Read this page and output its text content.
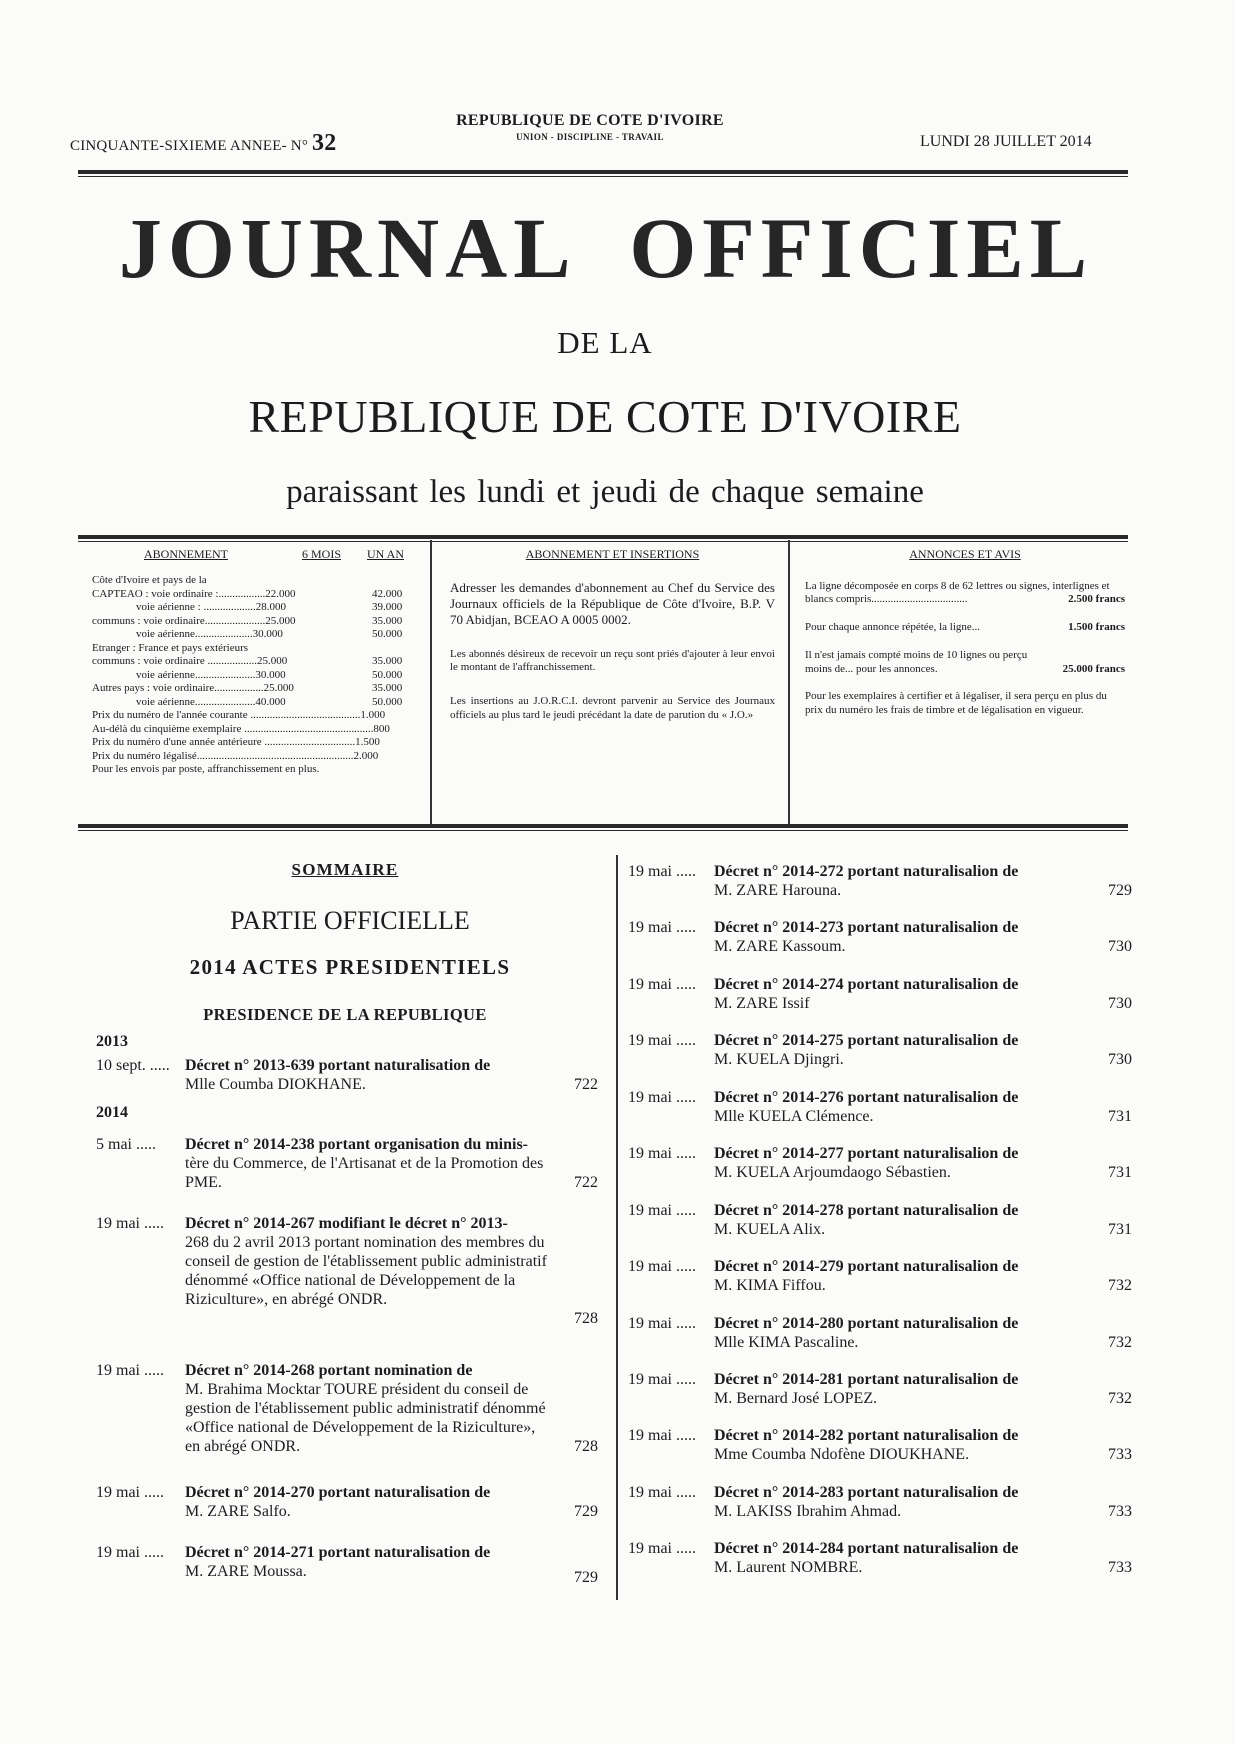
CINQUANTE-SIXIEME ANNEE- N° 32
REPUBLIQUE DE COTE D'IVOIRE
UNION - DISCIPLINE - TRAVAIL	LUNDI 28 JUILLET 2014
JOURNAL OFFICIEL
DE LA
REPUBLIQUE DE COTE D'IVOIRE
paraissant les lundi et jeudi de chaque semaine
ABONNEMENT	6 MOIS UN AN
Côte d'Ivoire et pays de la
CAPTEAO : voie ordinaire :.................22.000	42.000
voie aérienne : ...................28.000	39.000
communs : voie ordinaire......................25.000	35.000
voie aérienne.....................30.000	50.000
Etranger : France et pays extérieurs
communs : voie ordinaire ..................25.000	35.000
voie aérienne......................30.000	50.000
Autres pays : voie ordinaire..................25.000	35.000
voie aérienne......................40.000	50.000
Prix du numéro de l'année courante ........................................1.000
Au-délà du cinquième exemplaire ...............................................800
Prix du numéro d'une année antérieure .................................1.500
Prix du numéro légalisé.........................................................2.000
Pour les envois par poste, affranchissement en plus.
ABONNEMENT ET INSERTIONS

Adresser les demandes d'abonnement au Chef du Service des Journaux officiels de la République de Côte d'Ivoire, B.P. V 70 Abidjan, BCEAO A 0005 0002.

Les abonnés désireux de recevoir un reçu sont priés d'ajouter à leur envoi le montant de l'affranchissement.

Les insertions au J.O.R.C.I. devront parvenir au Service des Journaux officiels au plus tard le jeudi précédant la date de parution du « J.O.»

ANNONCES ET AVIS

La ligne décomposée en corps 8 de 62 lettres ou signes, interlignes et blancs compris...................................	2.500 francs

Pour chaque annonce répétée, la ligne...	1.500 francs

Il n'est jamais compté moins de 10 lignes ou perçu moins de... pour les annonces.	25.000 francs

Pour les exemplaires à certifier et à légaliser, il sera perçu en plus du prix du numéro les frais de timbre et de légalisation en vigueur.

SOMMAIRE
PARTIE OFFICIELLE
2014 ACTES PRESIDENTIELS
PRESIDENCE DE LA REPUBLIQUE
2013
2014
10 sept. ..... Décret n° 2013-639 portant naturalisation de
Mlle Coumba DIOKHANE.	722
5 mai ..... Décret n° 2014-238 portant organisation du minis-
tère du Commerce, de l'Artisanat et de la Promotion des PME.	722
19 mai ..... Décret n° 2014-267 modifiant le décret n° 2013-
268 du 2 avril 2013 portant nomination des membres du conseil de gestion de l'établissement public administratif dénommé «Office national de Développement de la Riziculture», en abrégé ONDR.
728
19 mai ..... Décret n° 2014-268 portant nomination de
M. Brahima Mocktar TOURE président du conseil de gestion de l'établissement public administratif dénommé «Office national de Développement de la Riziculture», en abrégé ONDR.	728
19 mai ..... Décret n° 2014-270 portant naturalisation de
M. ZARE Salfo.	729
19 mai ..... Décret n° 2014-271 portant naturalisation de
M. ZARE Moussa.	729
19 mai ..... Décret n° 2014-272 portant naturalisalion de
M. ZARE Harouna.	729
19 mai ..... Décret n° 2014-273 portant naturalisalion de
M. ZARE Kassoum.	730
19 mai ..... Décret n° 2014-274 portant naturalisalion de
M. ZARE Issif	730
19 mai ..... Décret n° 2014-275 portant naturalisalion de
M. KUELA Djingri.	730
19 mai ..... Décret n° 2014-276 portant naturalisalion de
Mlle KUELA Clémence.	731
19 mai ..... Décret n° 2014-277 portant naturalisalion de
M. KUELA Arjoumdaogo Sébastien.	731
19 mai ..... Décret n° 2014-278 portant naturalisalion de
M. KUELA Alix.	731
19 mai ..... Décret n° 2014-279 portant naturalisalion de
M. KIMA Fiffou.	732
19 mai ..... Décret n° 2014-280 portant naturalisalion de
Mlle KIMA Pascaline.	732
19 mai ..... Décret n° 2014-281 portant naturalisalion de
M. Bernard José LOPEZ.	732
19 mai ..... Décret n° 2014-282 portant naturalisalion de
Mme Coumba Ndofène DIOUKHANE.	733
19 mai ..... Décret n° 2014-283 portant naturalisalion de
M. LAKISS Ibrahim Ahmad.	733
19 mai ..... Décret n° 2014-284 portant naturalisalion de
M. Laurent NOMBRE.	733
